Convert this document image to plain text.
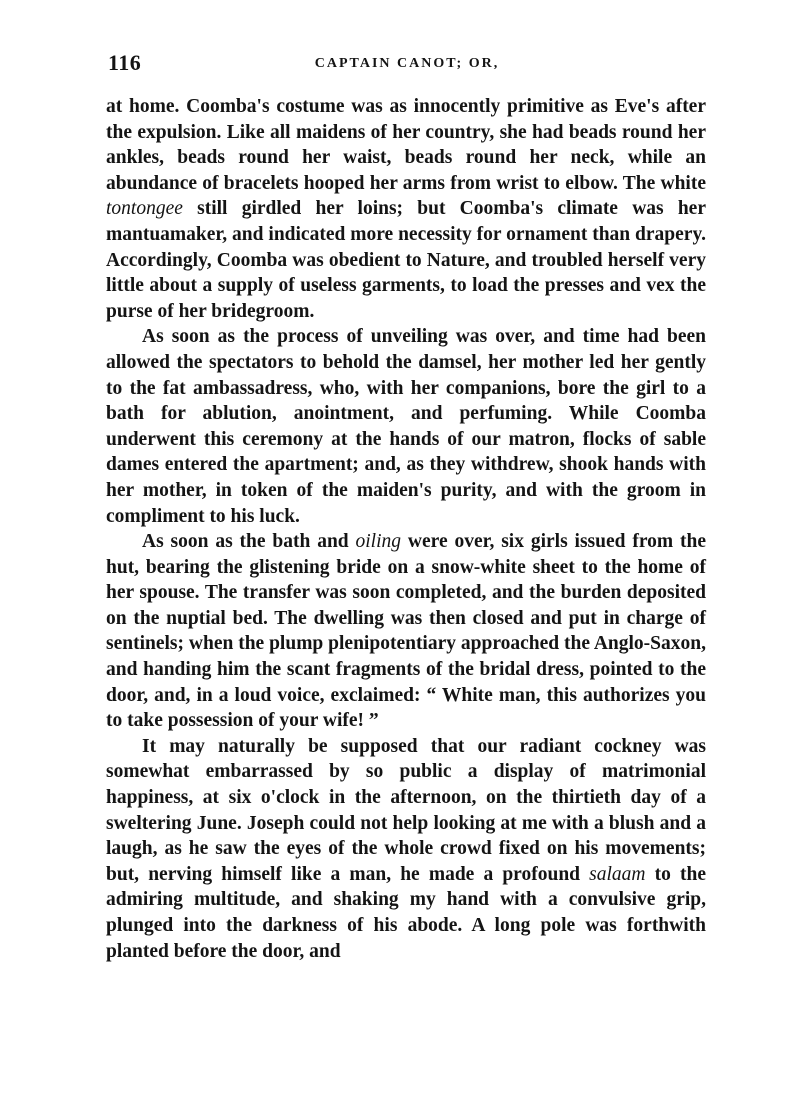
116	CAPTAIN CANOT; OR,

at home. Coomba's costume was as innocently primitive as Eve's after the expulsion. Like all maidens of her country, she had beads round her ankles, beads round her waist, beads round her neck, while an abundance of bracelets hooped her arms from wrist to elbow. The white tontongee still girdled her loins; but Coomba's climate was her mantuamaker, and indicated more necessity for ornament than drapery. Accordingly, Coomba was obedient to Nature, and troubled herself very little about a supply of useless garments, to load the presses and vex the purse of her bridegroom.

As soon as the process of unveiling was over, and time had been allowed the spectators to behold the damsel, her mother led her gently to the fat ambassadress, who, with her companions, bore the girl to a bath for ablution, anointment, and perfuming. While Coomba underwent this ceremony at the hands of our matron, flocks of sable dames entered the apartment; and, as they withdrew, shook hands with her mother, in token of the maiden's purity, and with the groom in compliment to his luck.

As soon as the bath and oiling were over, six girls issued from the hut, bearing the glistening bride on a snow-white sheet to the home of her spouse. The transfer was soon completed, and the burden deposited on the nuptial bed. The dwelling was then closed and put in charge of sentinels; when the plump plenipotentiary approached the Anglo-Saxon, and handing him the scant fragments of the bridal dress, pointed to the door, and, in a loud voice, exclaimed: “ White man, this authorizes you to take possession of your wife! ”

It may naturally be supposed that our radiant cockney was somewhat embarrassed by so public a display of matrimonial happiness, at six o'clock in the afternoon, on the thirtieth day of a sweltering June. Joseph could not help looking at me with a blush and a laugh, as he saw the eyes of the whole crowd fixed on his movements; but, nerving himself like a man, he made a profound salaam to the admiring multitude, and shaking my hand with a convulsive grip, plunged into the darkness of his abode. A long pole was forthwith planted before the door, and
